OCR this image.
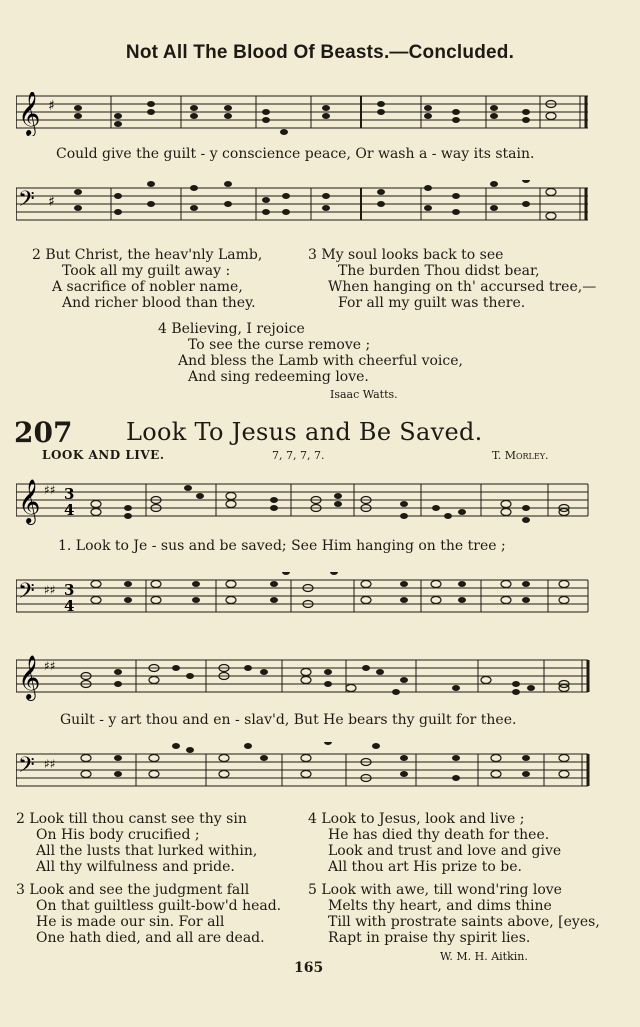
Not All The Blood Of Beasts.—Concluded.
𝄞 ♯
Could give the guilt - y conscience peace, Or wash a - way its stain.
𝄢 ♯
2 But Christ, the heav'nly Lamb,
Took all my guilt away :
A sacrifice of nobler name,
And richer blood than they.
3 My soul looks back to see
The burden Thou didst bear,
When hanging on th' accursed tree,—
For all my guilt was there.
4 Believing, I rejoice
To see the curse remove ;
And bless the Lamb with cheerful voice,
And sing redeeming love.
Isaac Watts.
207 Look To Jesus and Be Saved.
LOOK AND LIVE.	7, 7, 7, 7.	T. Morley.
𝄞 ♯♯ 3
4
1. Look to Je - sus and be saved; See Him hanging on the tree ;
𝄢 ♯♯ 3
4
𝄞 ♯♯
Guilt - y art thou and en - slav'd, But He bears thy guilt for thee.
𝄢 ♯♯
2 Look till thou canst see thy sin
On His body crucified ;
All the lusts that lurked within,
All thy wilfulness and pride.
3 Look and see the judgment fall
On that guiltless guilt-bow'd head.
He is made our sin. For all
One hath died, and all are dead.
4 Look to Jesus, look and live ;
He has died thy death for thee.
Look and trust and love and give
All thou art His prize to be.
5 Look with awe, till wond'ring love
Melts thy heart, and dims thine
Till with prostrate saints above, [eyes,
Rapt in praise thy spirit lies.
W. M. H. Aitkin.
165
